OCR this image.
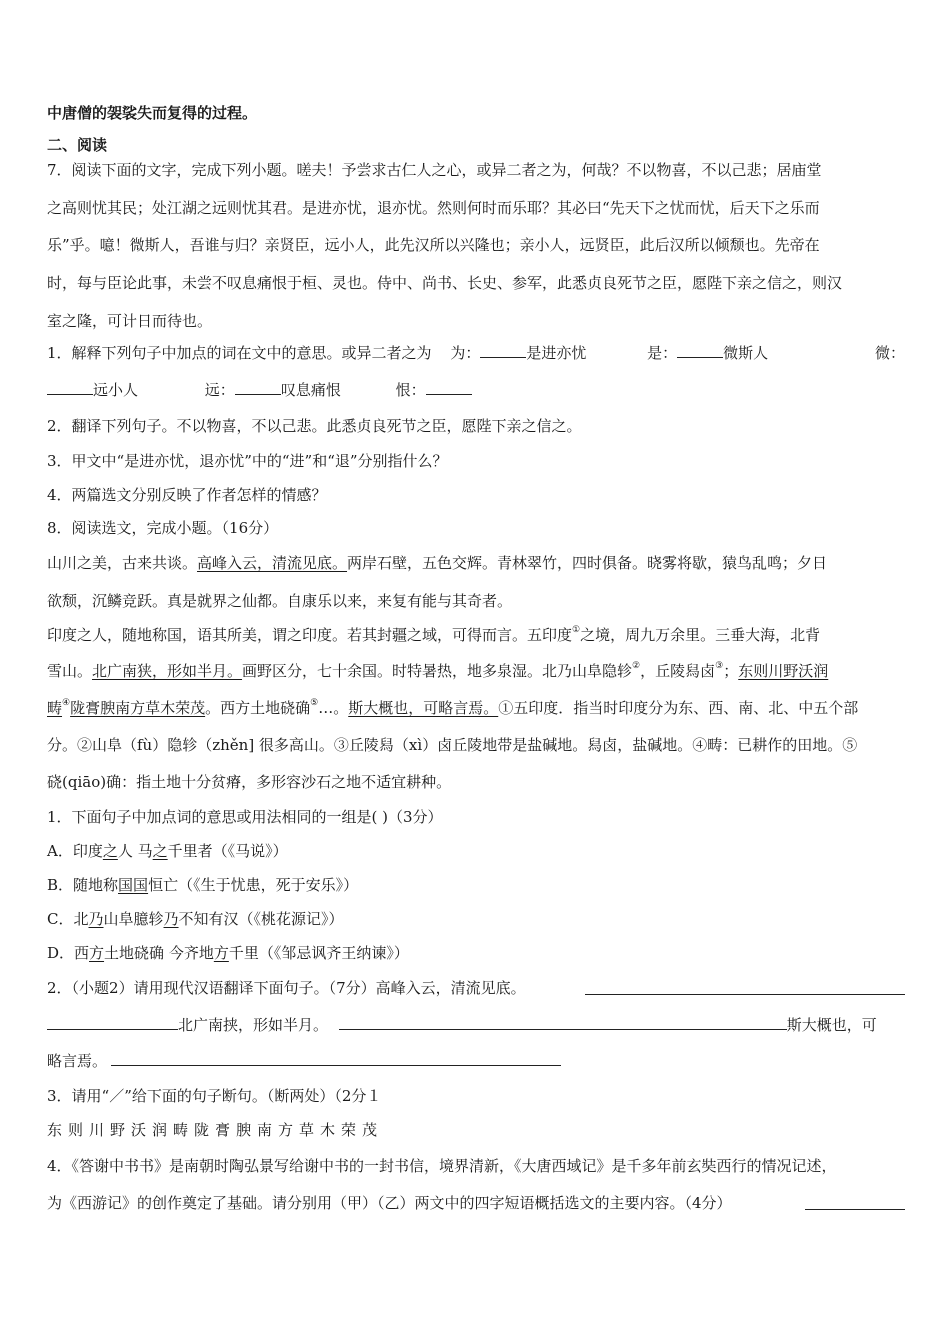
中唐僧的袈裟失而复得的过程。
二、阅读
7．阅读下面的文字，完成下列小题。嗟夫！予尝求古仁人之心，或异二者之为，何哉？不以物喜，不以己悲；居庙堂
之高则忧其民；处江湖之远则忧其君。是进亦忧，退亦忧。然则何时而乐耶？其必曰“先天下之忧而忧，后天下之乐而
乐”乎。噫！微斯人，吾谁与归？亲贤臣，远小人，此先汉所以兴隆也；亲小人，远贤臣，此后汉所以倾颓也。先帝在
时，每与臣论此事，未尝不叹息痛恨于桓、灵也。侍中、尚书、长史、参军，此悉贞良死节之臣，愿陛下亲之信之，则汉
室之隆，可计日而待也。
1．解释下列句子中加点的词在文中的意思。或异二者之为 为：	是进亦忧	是：	微斯人	微：
远小人	远：	叹息痛恨	恨：
2．翻译下列句子。不以物喜，不以己悲。此悉贞良死节之臣，愿陛下亲之信之。
3．甲文中“是进亦忧，退亦忧”中的“进”和“退”分别指什么？
4．两篇选文分别反映了作者怎样的情感？
8．阅读选文，完成小题。（16分）
山川之美，古来共谈。高峰入云，清流见底。两岸石壁，五色交辉。青林翠竹，四时俱备。晓雾将歇，猿鸟乱鸣；夕日
欲颓，沉鳞竞跃。真是就界之仙都。自康乐以来，来复有能与其奇者。
印度之人，随地称国，语其所美，谓之印度。若其封疆之域，可得而言。五印度①之境，周九万余里。三垂大海，北背
雪山。北广南狭，形如半月。画野区分，七十余国。时特暑热，地多泉湿。北乃山阜隐轸②，丘陵舄卤③；东则川野沃润
畴④陇膏腴南方草木荣茂。西方土地硗确⑤…。斯大概也，可略言焉。①五印度．指当时印度分为东、西、南、北、中五个部
分。②山阜（fù）隐轸（zhěn] 很多高山。③丘陵舄（xì）卤丘陵地带是盐碱地。舄卤，盐碱地。④畴：已耕作的田地。⑤
硗(qiāo)确：指土地十分贫瘠，多形容沙石之地不适宜耕种。
1．下面句子中加点词的意思或用法相同的一组是( )（3分）
A．印度之人 马之千里者（《马说》）
B．随地称国国恒亡（《生于忧患，死于安乐》）
C．北乃山阜臆轸乃不知有汉（《桃花源记》）
D．西方土地硗确 今齐地方千里（《邹忌讽齐王纳谏》）
2．（小题2）请用现代汉语翻译下面句子。（7分）高峰入云，清流见底。
北广南挟，形如半月。	斯大概也，可
略言焉。
3．请用“／”给下面的句子断句。（断两处）（2分１
东则川野沃润畴陇膏腴南方草木荣茂
4．《答谢中书书》是南朝时陶弘景写给谢中书的一封书信，境界清新，《大唐西域记》是千多年前玄奘西行的情况记述，
为《西游记》的创作奠定了基础。请分别用（甲）（乙）两文中的四字短语概括选文的主要内容。（4分）
